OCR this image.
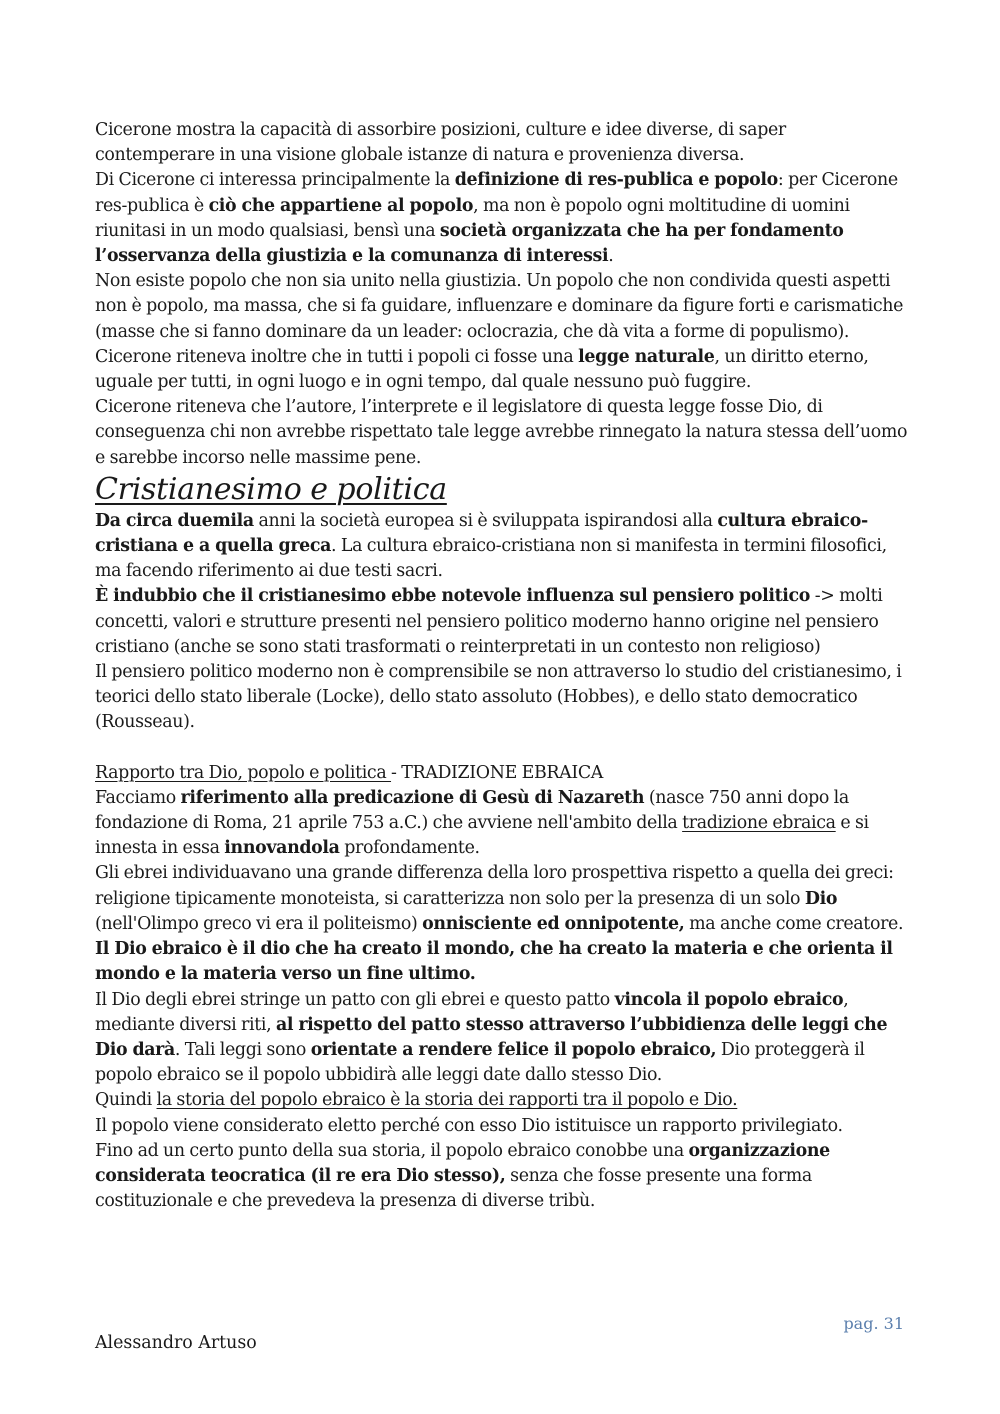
Cicerone mostra la capacità di assorbire posizioni, culture e idee diverse, di saper contemperare in una visione globale istanze di natura e provenienza diversa.

Di Cicerone ci interessa principalmente la definizione di res-publica e popolo: per Cicerone res-publica è ciò che appartiene al popolo, ma non è popolo ogni moltitudine di uomini riunitasi in un modo qualsiasi, bensì una società organizzata che ha per fondamento l’osservanza della giustizia e la comunanza di interessi.

Non esiste popolo che non sia unito nella giustizia. Un popolo che non condivida questi aspetti non è popolo, ma massa, che si fa guidare, influenzare e dominare da figure forti e carismatiche (masse che si fanno dominare da un leader: oclocrazia, che dà vita a forme di populismo).

Cicerone riteneva inoltre che in tutti i popoli ci fosse una legge naturale, un diritto eterno, uguale per tutti, in ogni luogo e in ogni tempo, dal quale nessuno può fuggire.

Cicerone riteneva che l’autore, l’interprete e il legislatore di questa legge fosse Dio, di conseguenza chi non avrebbe rispettato tale legge avrebbe rinnegato la natura stessa dell’uomo e sarebbe incorso nelle massime pene.

Cristianesimo e politica

Da circa duemila anni la società europea si è sviluppata ispirandosi alla cultura ebraico-cristiana e a quella greca. La cultura ebraico-cristiana non si manifesta in termini filosofici, ma facendo riferimento ai due testi sacri.

È indubbio che il cristianesimo ebbe notevole influenza sul pensiero politico -> molti concetti, valori e strutture presenti nel pensiero politico moderno hanno origine nel pensiero cristiano (anche se sono stati trasformati o reinterpretati in un contesto non religioso)

Il pensiero politico moderno non è comprensibile se non attraverso lo studio del cristianesimo, i teorici dello stato liberale (Locke), dello stato assoluto (Hobbes), e dello stato democratico (Rousseau).

Rapporto tra Dio, popolo e politica - TRADIZIONE EBRAICA

Facciamo riferimento alla predicazione di Gesù di Nazareth (nasce 750 anni dopo la fondazione di Roma, 21 aprile 753 a.C.) che avviene nell'ambito della tradizione ebraica e si innesta in essa innovandola profondamente.

Gli ebrei individuavano una grande differenza della loro prospettiva rispetto a quella dei greci: religione tipicamente monoteista, si caratterizza non solo per la presenza di un solo Dio (nell'Olimpo greco vi era il politeismo) onnisciente ed onnipotente, ma anche come creatore.

Il Dio ebraico è il dio che ha creato il mondo, che ha creato la materia e che orienta il mondo e la materia verso un fine ultimo.

Il Dio degli ebrei stringe un patto con gli ebrei e questo patto vincola il popolo ebraico, mediante diversi riti, al rispetto del patto stesso attraverso l’ubbidienza delle leggi che Dio darà. Tali leggi sono orientate a rendere felice il popolo ebraico, Dio proteggerà il popolo ebraico se il popolo ubbidirà alle leggi date dallo stesso Dio.

Quindi la storia del popolo ebraico è la storia dei rapporti tra il popolo e Dio.

Il popolo viene considerato eletto perché con esso Dio istituisce un rapporto privilegiato.

Fino ad un certo punto della sua storia, il popolo ebraico conobbe una organizzazione considerata teocratica (il re era Dio stesso), senza che fosse presente una forma costituzionale e che prevedeva la presenza di diverse tribù.

pag. 31
Alessandro Artuso
